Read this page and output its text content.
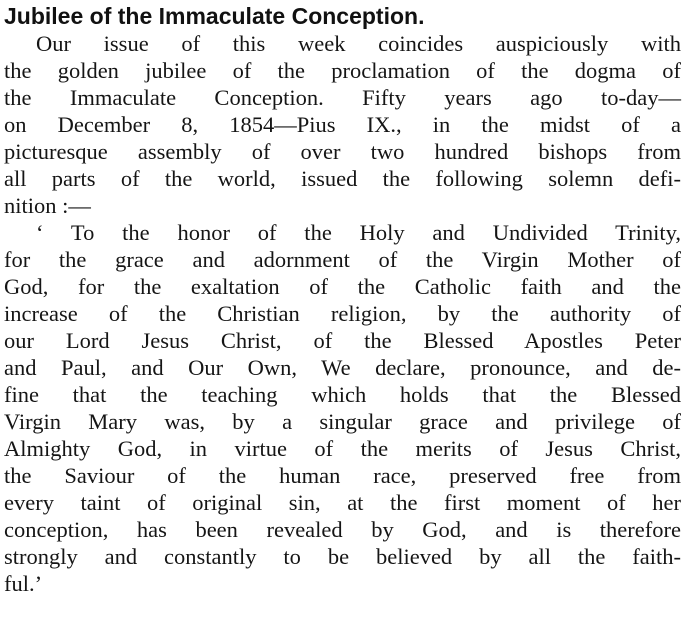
Jubilee of the Immaculate Conception.
Our issue of this week coincides auspiciously with
the golden jubilee of the proclamation of the dogma of
the Immaculate Conception. Fifty years ago to-day—
on December 8, 1854—Pius IX., in the midst of a
picturesque assembly of over two hundred bishops from
all parts of the world, issued the following solemn defi-
nition :—
‘ To the honor of the Holy and Undivided Trinity,
for the grace and adornment of the Virgin Mother of
God, for the exaltation of the Catholic faith and the
increase of the Christian religion, by the authority of
our Lord Jesus Christ, of the Blessed Apostles Peter
and Paul, and Our Own, We declare, pronounce, and de-
fine that the teaching which holds that the Blessed
Virgin Mary was, by a singular grace and privilege of
Almighty God, in virtue of the merits of Jesus Christ,
the Saviour of the human race, preserved free from
every taint of original sin, at the first moment of her
conception, has been revealed by God, and is therefore
strongly and constantly to be believed by all the faith-
ful.’
